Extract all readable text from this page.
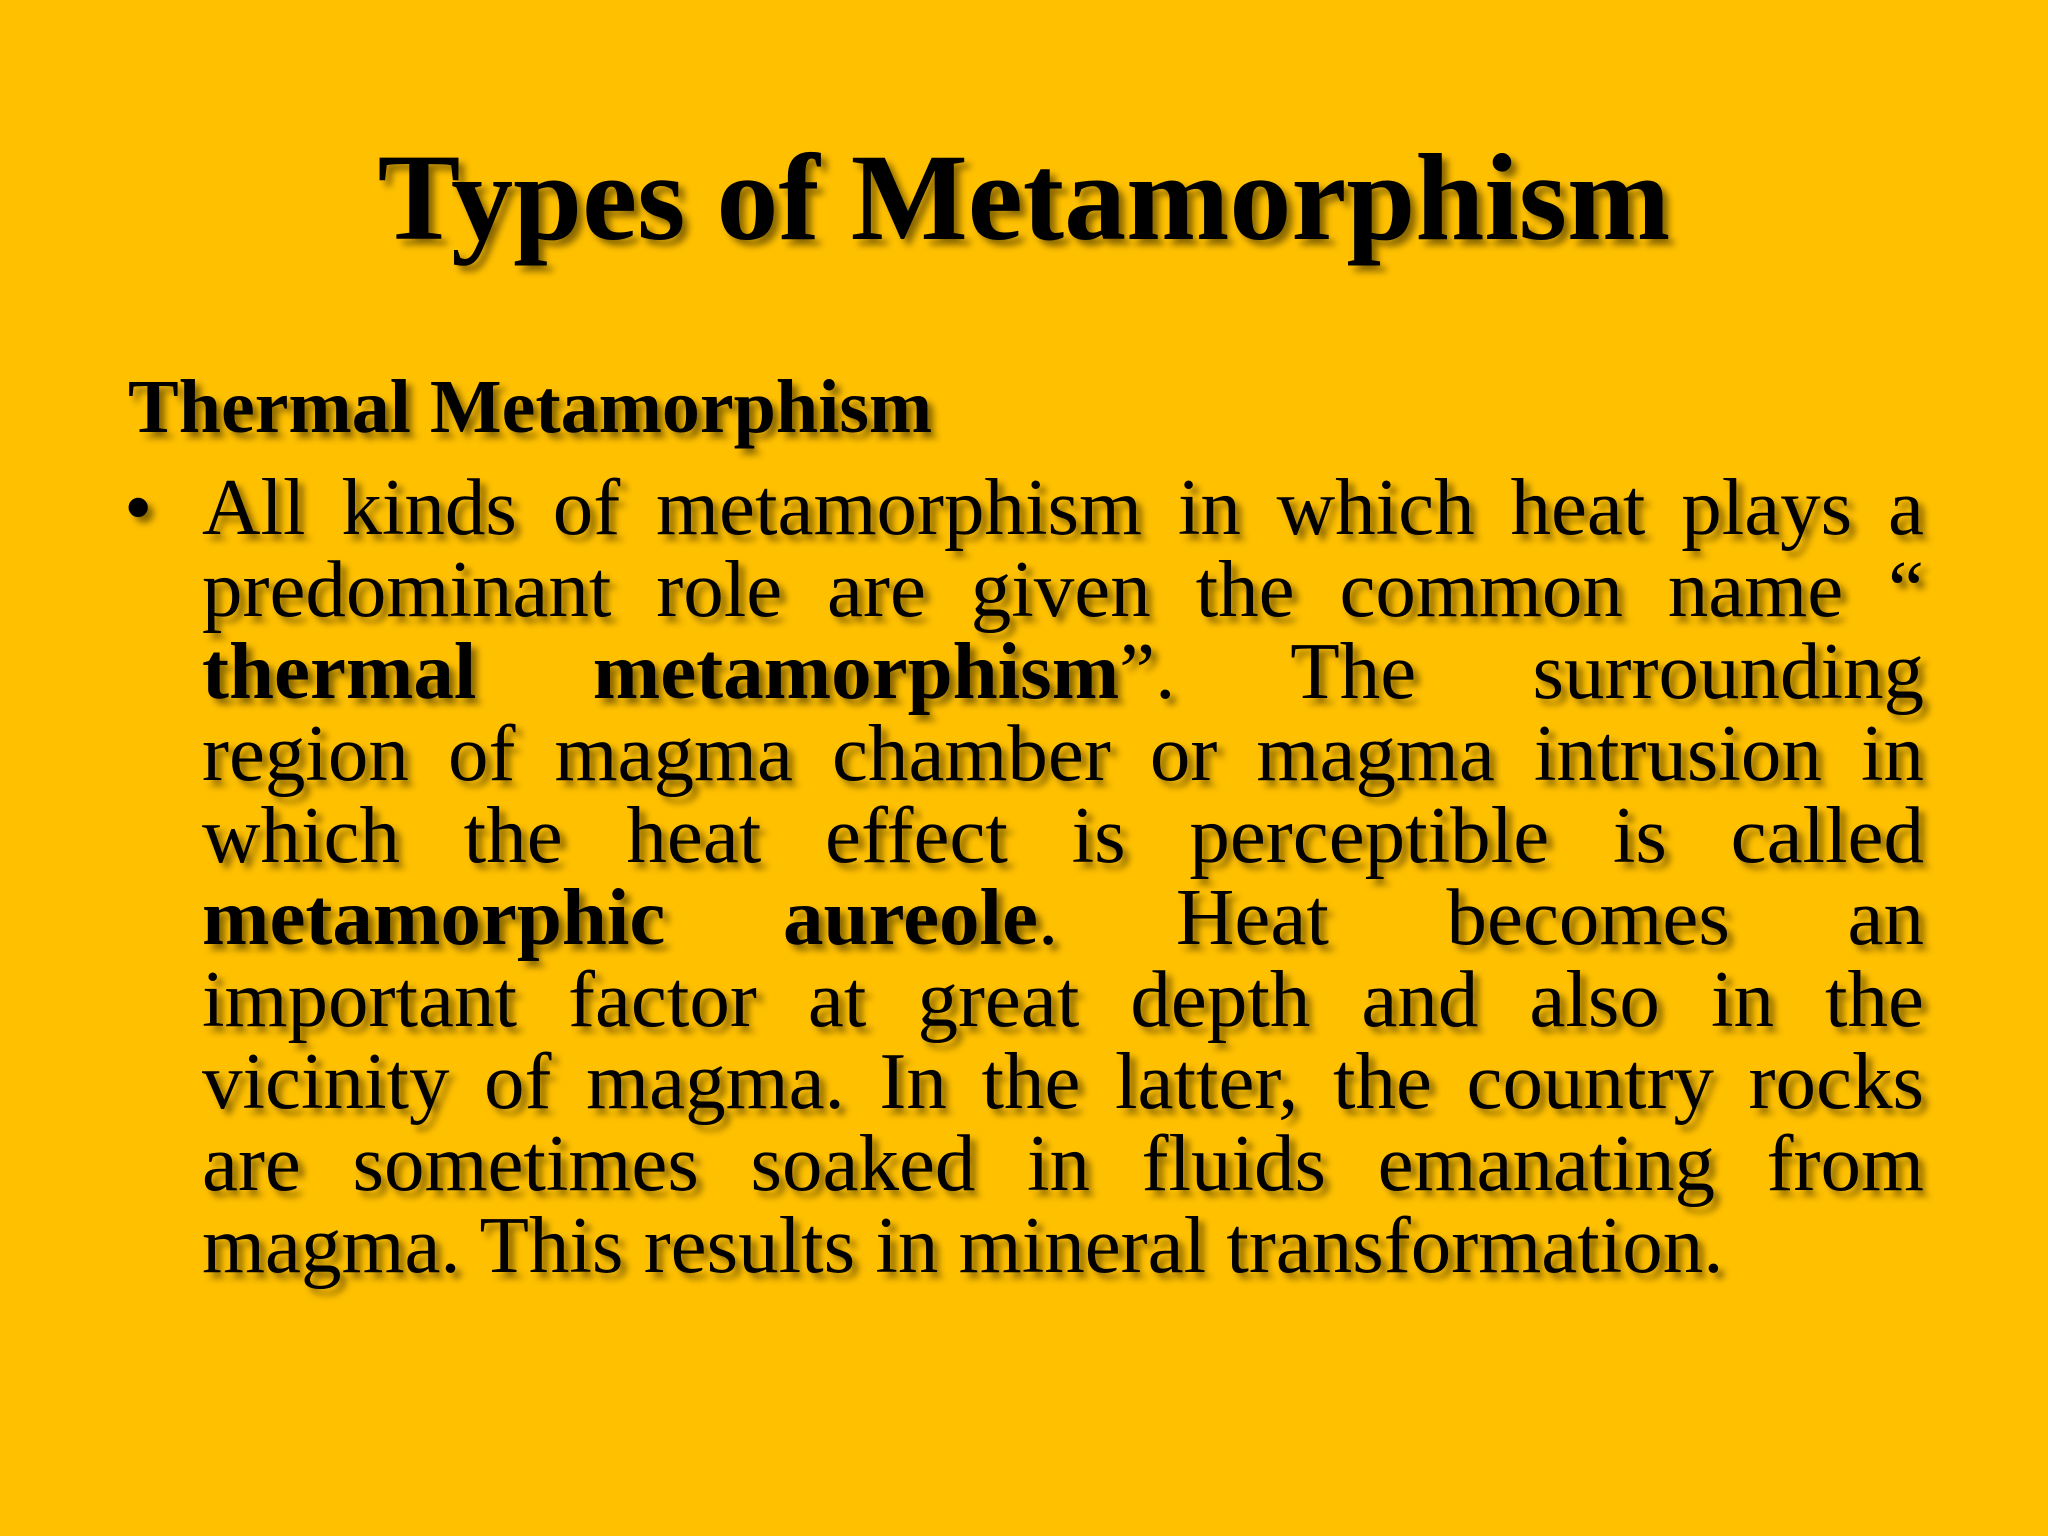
Types of Metamorphism
Thermal Metamorphism
• All kinds of metamorphism in which heat plays a
predominant role are given the common name “
thermal metamorphism”. The surrounding
region of magma chamber or magma intrusion in
which the heat effect is perceptible is called
metamorphic aureole. Heat becomes an
important factor at great depth and also in the
vicinity of magma. In the latter, the country rocks
are sometimes soaked in fluids emanating from
magma. This results in mineral transformation.
